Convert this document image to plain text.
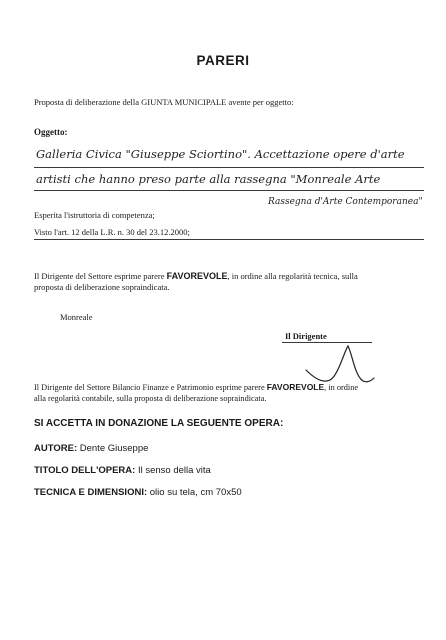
PARERI
Proposta di deliberazione della GIUNTA MUNICIPALE avente per oggetto:
Oggetto:
Galleria Civica "Giuseppe Sciortino". Accettazione opere d'arte
artisti che hanno preso parte alla rassegna "Monreale Arte
Rassegna d'Arte Contemporanea"
Esperita l'istruttoria di competenza;
Visto l'art. 12 della L.R. n. 30 del 23.12.2000;
Il Dirigente del Settore esprime parere FAVOREVOLE, in ordine alla regolarità tecnica, sulla
proposta di deliberazione sopraindicata.
Monreale
Il Dirigente
Il Dirigente del Settore Bilancio Finanze e Patrimonio esprime parere FAVOREVOLE, in ordine
alla regolarità contabile, sulla proposta di deliberazione sopraindicata.
SI ACCETTA IN DONAZIONE LA SEGUENTE OPERA:
AUTORE: Dente Giuseppe
TITOLO DELL'OPERA: Il senso della vita
TECNICA E DIMENSIONI: olio su tela, cm 70x50
